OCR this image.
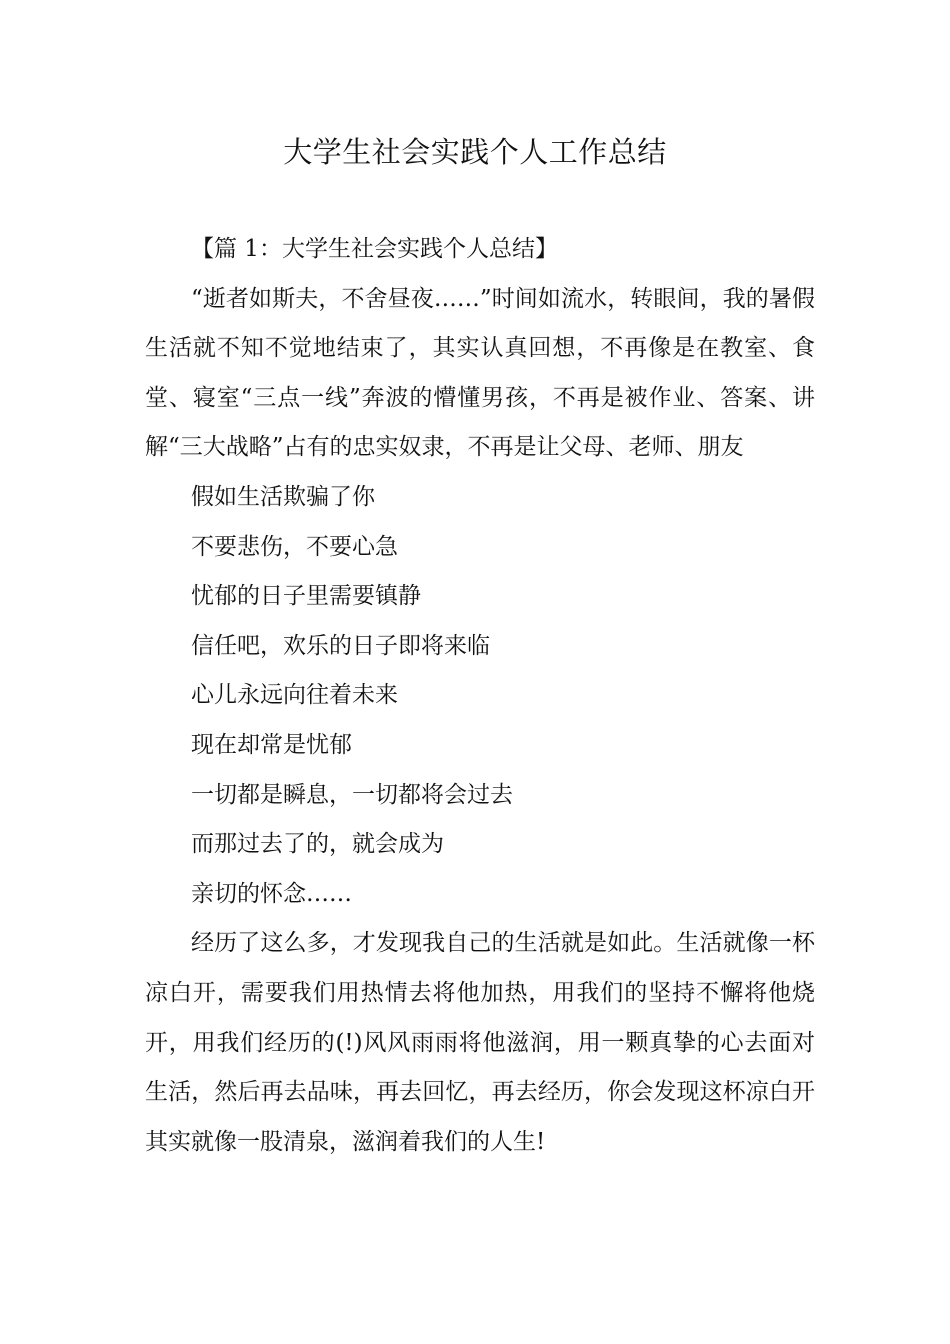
大学生社会实践个人工作总结

【篇 1：大学生社会实践个人总结】

“逝者如斯夫，不舍昼夜……”时间如流水，转眼间，我的暑假生活就不知不觉地结束了，其实认真回想，不再像是在教室、食堂、寝室“三点一线”奔波的懵懂男孩，不再是被作业、答案、讲解“三大战略”占有的忠实奴隶，不再是让父母、老师、朋友

假如生活欺骗了你

不要悲伤，不要心急

忧郁的日子里需要镇静

信任吧，欢乐的日子即将来临

心儿永远向往着未来

现在却常是忧郁

一切都是瞬息，一切都将会过去

而那过去了的，就会成为

亲切的怀念……

经历了这么多，才发现我自己的生活就是如此。生活就像一杯凉白开，需要我们用热情去将他加热，用我们的坚持不懈将他烧开，用我们经历的(!)风风雨雨将他滋润，用一颗真挚的心去面对生活，然后再去品味，再去回忆，再去经历，你会发现这杯凉白开其实就像一股清泉，滋润着我们的人生!
